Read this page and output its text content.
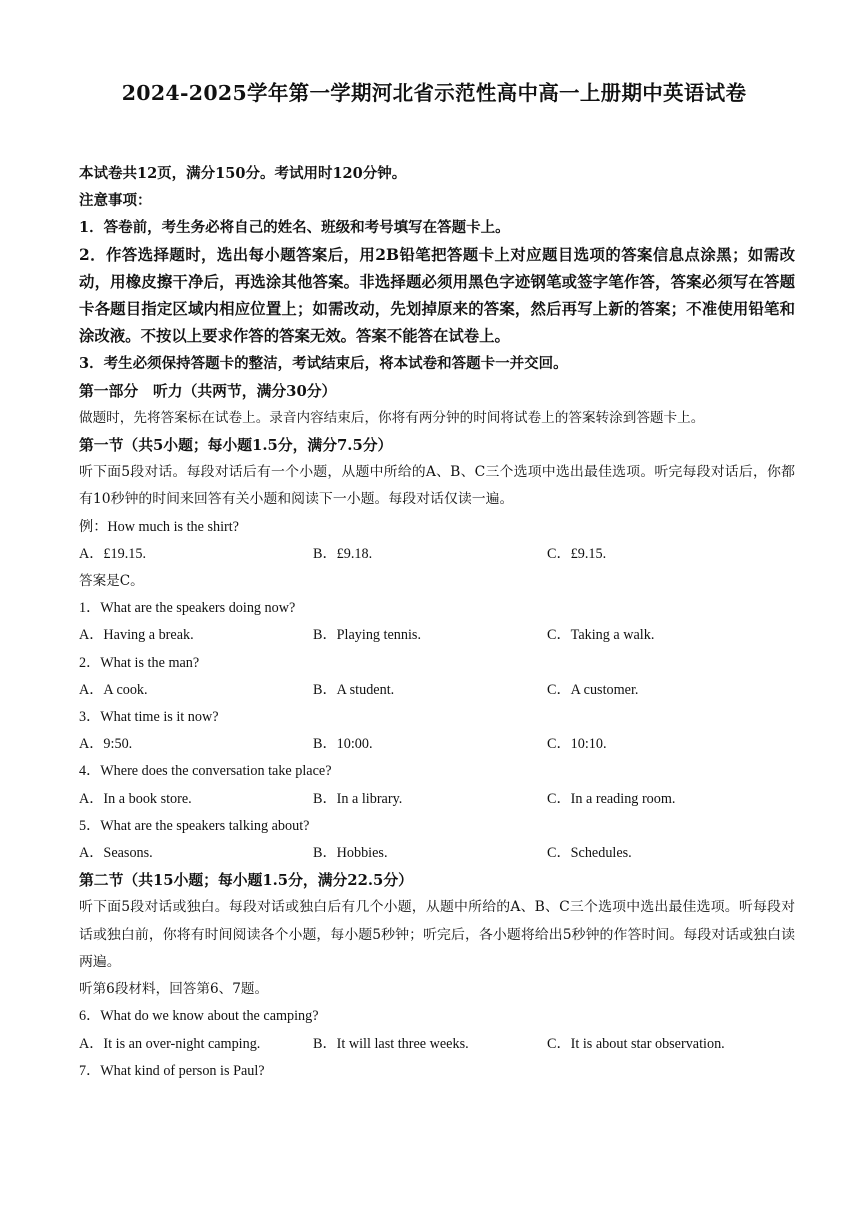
2024-2025学年第一学期河北省示范性高中高一上册期中英语试卷
本试卷共12页，满分150分。考试用时120分钟。
注意事项：
1．答卷前，考生务必将自己的姓名、班级和考号填写在答题卡上。
2．作答选择题时，选出每小题答案后，用2B铅笔把答题卡上对应题目选项的答案信息点涂黑；如需改动，用橡皮擦干净后，再选涂其他答案。非选择题必须用黑色字迹钢笔或签字笔作答，答案必须写在答题卡各题目指定区域内相应位置上；如需改动，先划掉原来的答案，然后再写上新的答案；不准使用铅笔和涂改液。不按以上要求作答的答案无效。答案不能答在试卷上。
3．考生必须保持答题卡的整洁，考试结束后，将本试卷和答题卡一并交回。
第一部分　听力（共两节，满分30分）
做题时，先将答案标在试卷上。录音内容结束后，你将有两分钟的时间将试卷上的答案转涂到答题卡上。
第一节（共5小题；每小题1.5分，满分7.5分）
听下面5段对话。每段对话后有一个小题，从题中所给的A、B、C三个选项中选出最佳选项。听完每段对话后，你都有10秒钟的时间来回答有关小题和阅读下一小题。每段对话仅读一遍。
例：How much is the shirt?
A．£19.15.	B．£9.18.	C．£9.15.
答案是C。
1．What are the speakers doing now?
A．Having a break.	B．Playing tennis.	C．Taking a walk.
2．What is the man?
A．A cook.	B．A student.	C．A customer.
3．What time is it now?
A．9:50.	B．10:00.	C．10:10.
4．Where does the conversation take place?
A．In a book store.	B．In a library.	C．In a reading room.
5．What are the speakers talking about?
A．Seasons.	B．Hobbies.	C．Schedules.
第二节（共15小题；每小题1.5分，满分22.5分）
听下面5段对话或独白。每段对话或独白后有几个小题，从题中所给的A、B、C三个选项中选出最佳选项。听每段对话或独白前，你将有时间阅读各个小题，每小题5秒钟；听完后，各小题将给出5秒钟的作答时间。每段对话或独白读两遍。
听第6段材料，回答第6、7题。
6．What do we know about the camping?
A．It is an over-night camping.	B．It will last three weeks.	C．It is about star observation.
7．What kind of person is Paul?
